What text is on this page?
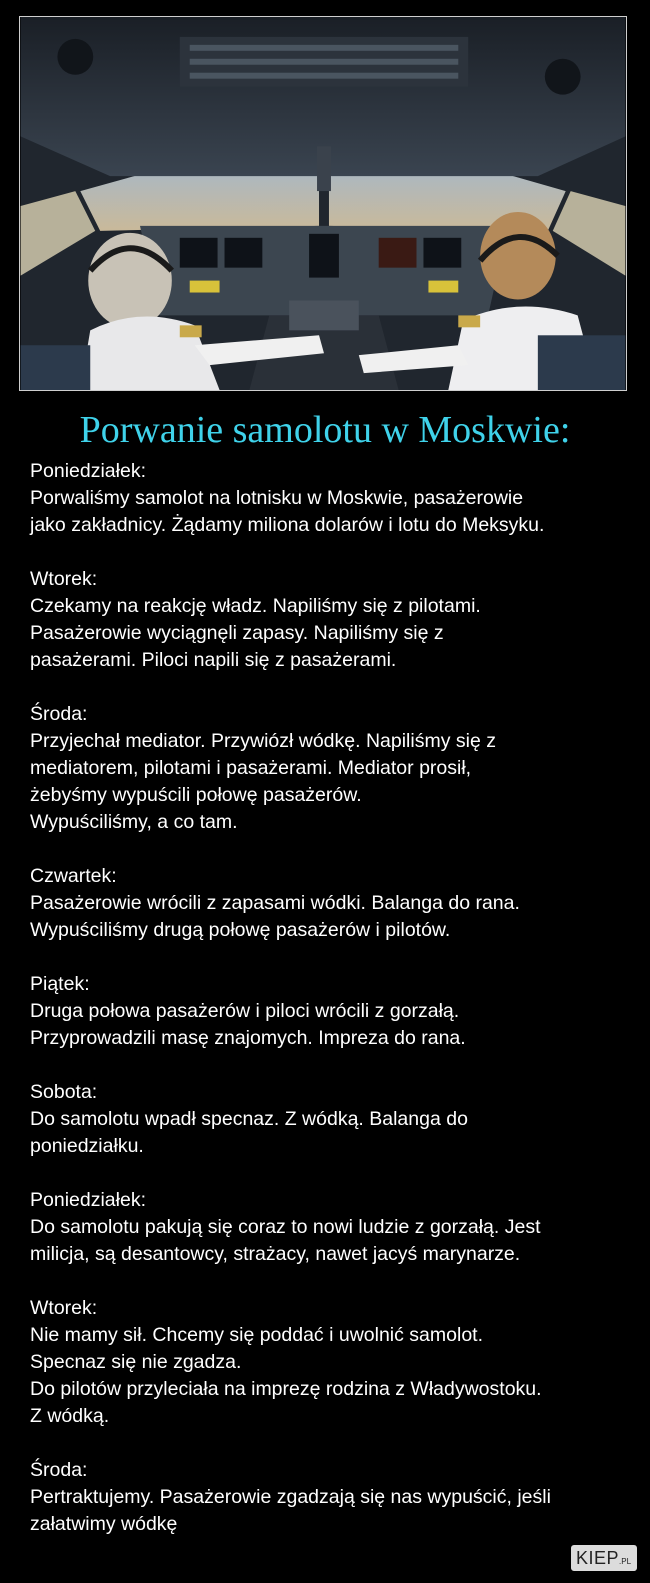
Porwanie samolotu w Moskwie:

Poniedziałek:

Porwaliśmy samolot na lotnisku w Moskwie, pasażerowie

jako zakładnicy. Żądamy miliona dolarów i lotu do Meksyku.

Wtorek:

Czekamy na reakcję władz. Napiliśmy się z pilotami.

Pasażerowie wyciągnęli zapasy. Napiliśmy się z

pasażerami. Piloci napili się z pasażerami.

Środa:

Przyjechał mediator. Przywiózł wódkę. Napiliśmy się z

mediatorem, pilotami i pasażerami. Mediator prosił,

żebyśmy wypuścili połowę pasażerów.

Wypuściliśmy, a co tam.

Czwartek:

Pasażerowie wrócili z zapasami wódki. Balanga do rana.

Wypuściliśmy drugą połowę pasażerów i pilotów.

Piątek:

Druga połowa pasażerów i piloci wrócili z gorzałą.

Przyprowadzili masę znajomych. Impreza do rana.

Sobota:

Do samolotu wpadł specnaz. Z wódką. Balanga do

poniedziałku.

Poniedziałek:

Do samolotu pakują się coraz to nowi ludzie z gorzałą. Jest

milicja, są desantowcy, strażacy, nawet jacyś marynarze.

Wtorek:

Nie mamy sił. Chcemy się poddać i uwolnić samolot.

Specnaz się nie zgadza.

Do pilotów przyleciała na imprezę rodzina z Władywostoku.

Z wódką.

Środa:

Pertraktujemy. Pasażerowie zgadzają się nas wypuścić, jeśli

załatwimy wódkę

KIEP.PL
